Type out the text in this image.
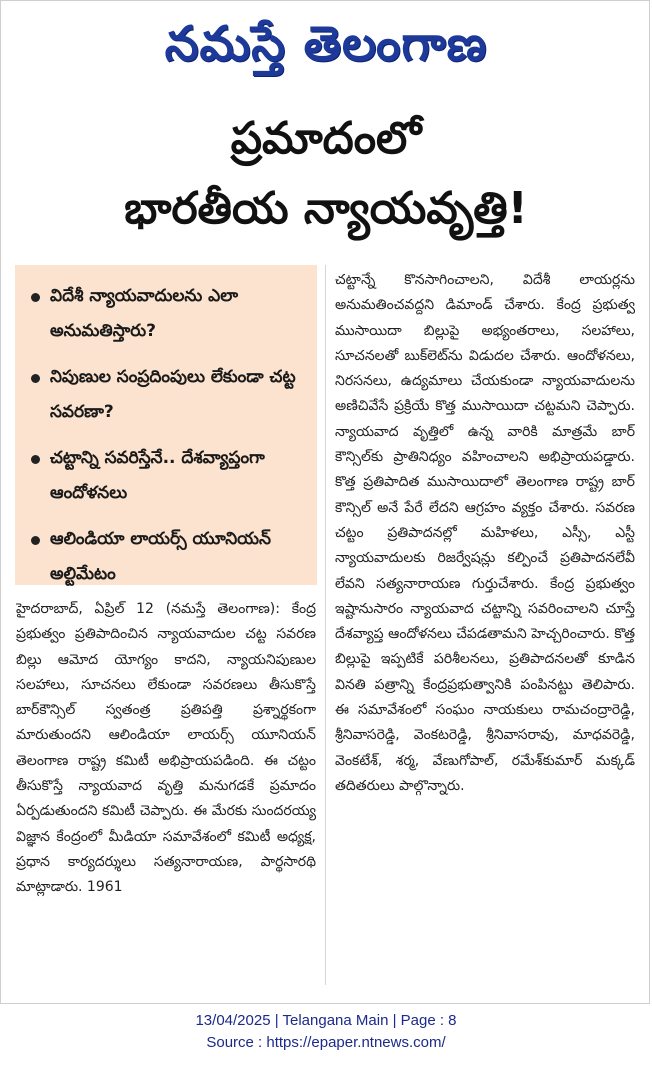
నమస్తే తెలంగాణ
ప్రమాదంలో
భారతీయ న్యాయవృత్తి!
విదేశీ న్యాయవాదులను ఎలా అనుమతిస్తారు?
నిపుణుల సంప్రదింపులు లేకుండా చట్ట సవరణా?
చట్టాన్ని సవరిస్తేనే.. దేశవ్యాప్తంగా ఆందోళనలు
ఆలిండియా లాయర్స్ యూనియన్ అల్టిమేటం
హైదరాబాద్, ఏప్రిల్ 12 (నమస్తే తెలంగాణ): కేంద్ర ప్రభుత్వం ప్రతిపాదించిన న్యాయవాదుల చట్ట సవరణ బిల్లు ఆమోద యోగ్యం కాదని, న్యాయనిపుణుల సలహాలు, సూచనలు లేకుండా సవరణలు తీసుకొస్తే బార్‌కౌన్సిల్ స్వతంత్ర ప్రతిపత్తి ప్రశ్నార్థకంగా మారుతుందని ఆలిండియా లాయర్స్ యూనియన్ తెలంగాణ రాష్ట్ర కమిటీ అభిప్రాయపడింది. ఈ చట్టం తీసుకొస్తే న్యాయవాద వృత్తి మనుగడకే ప్రమాదం ఏర్పడుతుందని కమిటీ చెప్పారు. ఈ మేరకు సుందరయ్య విజ్ఞాన కేంద్రంలో మీడియా సమావేశంలో కమిటీ అధ్యక్ష, ప్రధాన కార్యదర్శులు సత్యనారాయణ, పార్థసారథి మాట్లాడారు. 1961
చట్టాన్నే కొనసాగించాలని, విదేశీ లాయర్లను అనుమతించవద్దని డిమాండ్ చేశారు. కేంద్ర ప్రభుత్వ ముసాయిదా బిల్లుపై అభ్యంతరాలు, సలహాలు, సూచనలతో బుక్‌లెట్‌ను విడుదల చేశారు. ఆందోళనలు, నిరసనలు, ఉద్యమాలు చేయకుండా న్యాయవాదులను అణిచివేసే ప్రక్రియే కొత్త ముసాయిదా చట్టమని చెప్పారు. న్యాయవాద వృత్తిలో ఉన్న వారికి మాత్రమే బార్ కౌన్సిల్‌కు ప్రాతినిధ్యం వహించాలని అభిప్రాయపడ్డారు. కొత్త ప్రతిపాదిత ముసాయిదాలో తెలంగాణ రాష్ట్ర బార్ కౌన్సిల్ అనే పేరే లేదని ఆగ్రహం వ్యక్తం చేశారు. సవరణ చట్టం ప్రతిపాదనల్లో మహిళలు, ఎస్సీ, ఎస్టీ న్యాయవాదులకు రిజర్వేషన్లు కల్పించే ప్రతిపాదనలేవీ లేవని సత్యనారాయణ గుర్తుచేశారు. కేంద్ర ప్రభుత్వం ఇష్టానుసారం న్యాయవాద చట్టాన్ని సవరించాలని చూస్తే దేశవ్యాప్త ఆందోళనలు చేపడతామని హెచ్చరించారు. కొత్త బిల్లుపై ఇప్పటికే పరిశీలనలు, ప్రతిపాదనలతో కూడిన వినతి పత్రాన్ని కేంద్రప్రభుత్వానికి పంపినట్టు తెలిపారు. ఈ సమావేశంలో సంఘం నాయకులు రామచంద్రారెడ్డి, శ్రీనివాసరెడ్డి, వెంకటరెడ్డి, శ్రీనివాసరావు, మాధవరెడ్డి, వెంకటేశ్, శర్మ, వేణుగోపాల్, రమేశ్‌కుమార్ మక్కడ్ తదితరులు పాల్గొన్నారు.
13/04/2025 | Telangana Main | Page : 8
Source : https://epaper.ntnews.com/
